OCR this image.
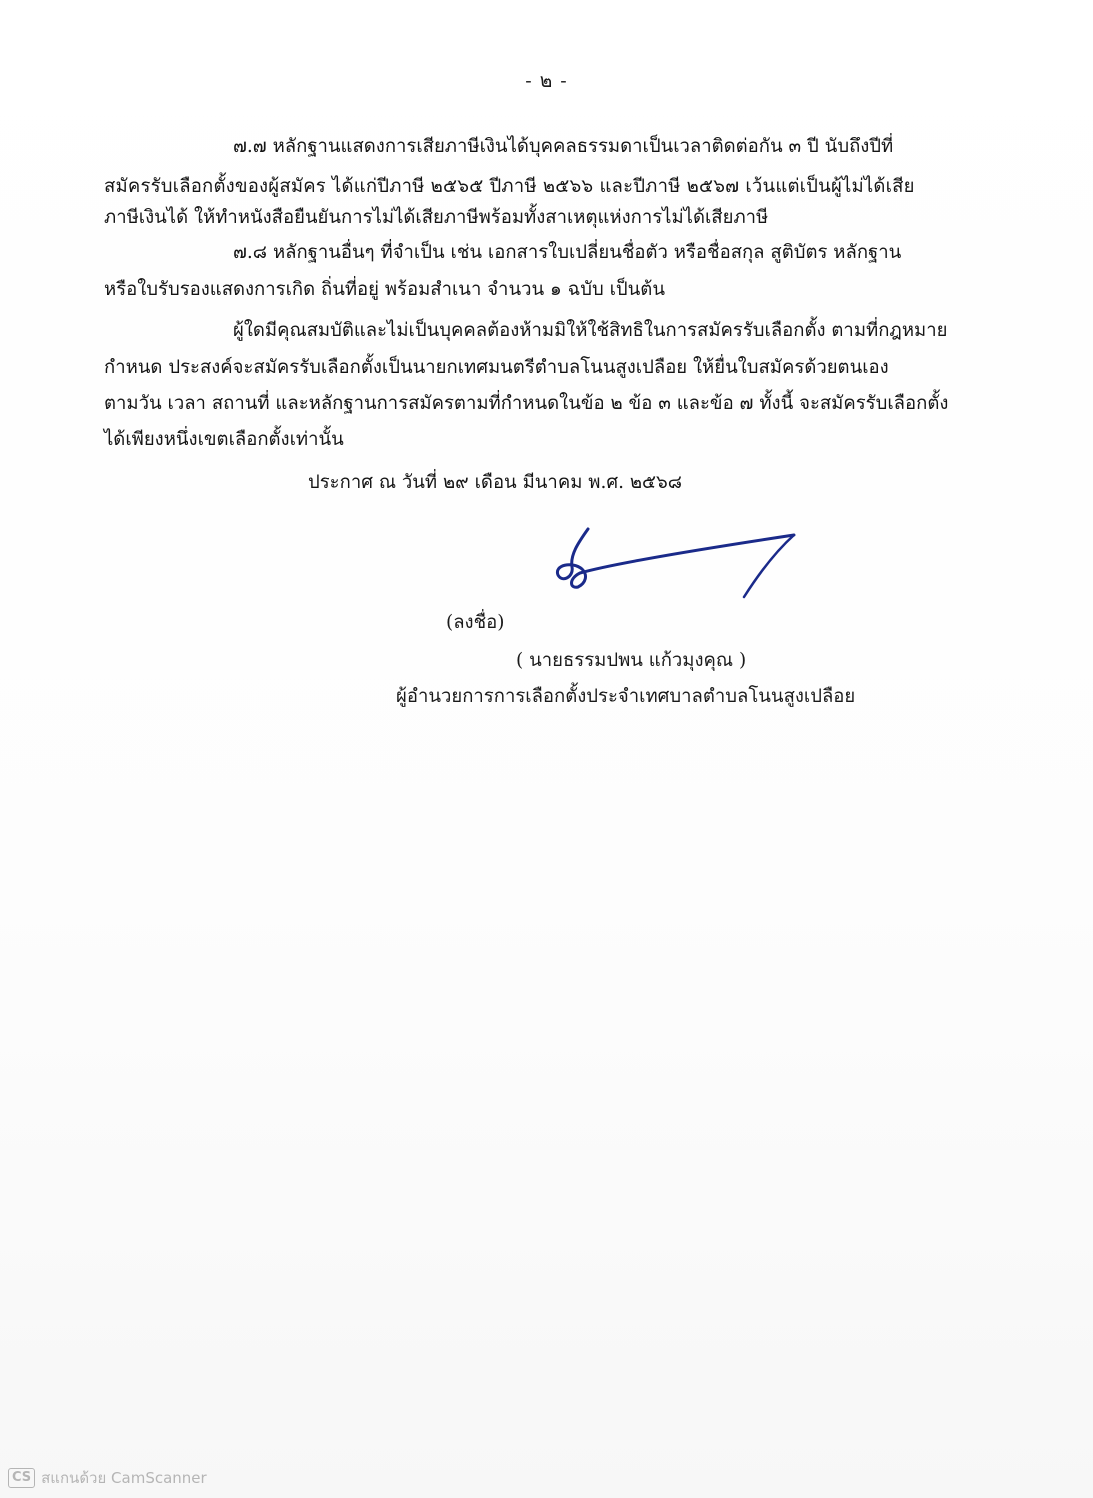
- ๒ -
๗.๗ หลักฐานแสดงการเสียภาษีเงินได้บุคคลธรรมดาเป็นเวลาติดต่อกัน ๓ ปี นับถึงปีที่
สมัครรับเลือกตั้งของผู้สมัคร ได้แก่ปีภาษี ๒๕๖๕ ปีภาษี ๒๕๖๖ และปีภาษี ๒๕๖๗ เว้นแต่เป็นผู้ไม่ได้เสีย
ภาษีเงินได้ ให้ทำหนังสือยืนยันการไม่ได้เสียภาษีพร้อมทั้งสาเหตุแห่งการไม่ได้เสียภาษี
๗.๘ หลักฐานอื่นๆ ที่จำเป็น เช่น เอกสารใบเปลี่ยนชื่อตัว หรือชื่อสกุล สูติบัตร หลักฐาน
หรือใบรับรองแสดงการเกิด ถิ่นที่อยู่ พร้อมสำเนา จำนวน ๑ ฉบับ เป็นต้น
ผู้ใดมีคุณสมบัติและไม่เป็นบุคคลต้องห้ามมิให้ใช้สิทธิในการสมัครรับเลือกตั้ง ตามที่กฎหมาย
กำหนด ประสงค์จะสมัครรับเลือกตั้งเป็นนายกเทศมนตรีตำบลโนนสูงเปลือย ให้ยื่นใบสมัครด้วยตนเอง
ตามวัน เวลา สถานที่ และหลักฐานการสมัครตามที่กำหนดในข้อ ๒ ข้อ ๓ และข้อ ๗ ทั้งนี้ จะสมัครรับเลือกตั้ง
ได้เพียงหนึ่งเขตเลือกตั้งเท่านั้น
ประกาศ ณ วันที่ ๒๙ เดือน มีนาคม พ.ศ. ๒๕๖๘
(ลงชื่อ)
( นายธรรมปพน แก้วมุงคุณ )
ผู้อำนวยการการเลือกตั้งประจำเทศบาลตำบลโนนสูงเปลือย
CS สแกนด้วย CamScanner
